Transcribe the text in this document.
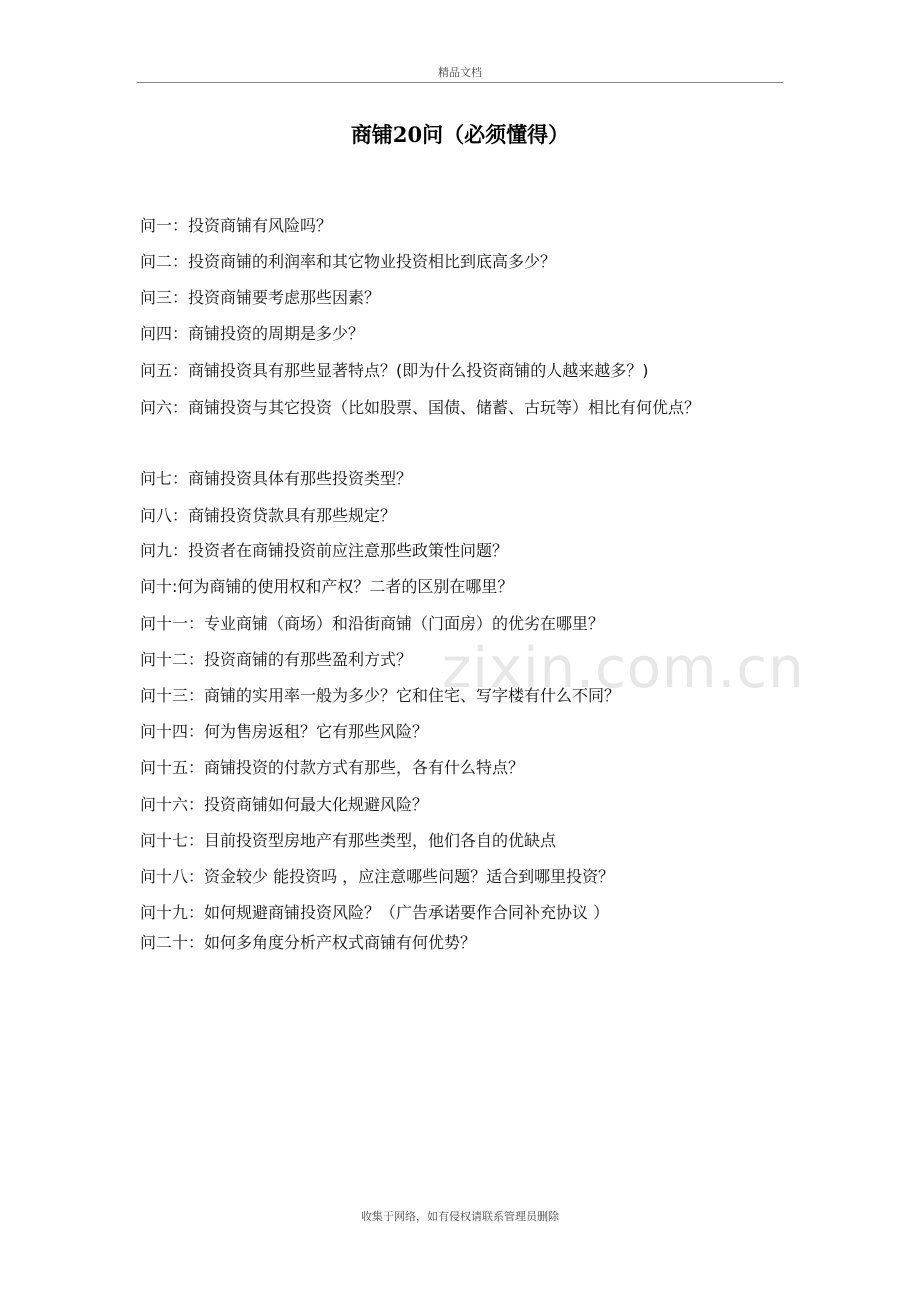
精品文档
商铺20问（必须懂得）
问一：投资商铺有风险吗？
问二：投资商铺的利润率和其它物业投资相比到底高多少？
问三：投资商铺要考虑那些因素？
问四：商铺投资的周期是多少？
问五：商铺投资具有那些显著特点？(即为什么投资商铺的人越来越多？)
问六：商铺投资与其它投资（比如股票、国债、储蓄、古玩等）相比有何优点？
问七：商铺投资具体有那些投资类型？
问八：商铺投资贷款具有那些规定？
问九：投资者在商铺投资前应注意那些政策性问题？
问十:何为商铺的使用权和产权？二者的区别在哪里？
问十一：专业商铺（商场）和沿街商铺（门面房）的优劣在哪里？
问十二：投资商铺的有那些盈利方式？
问十三：商铺的实用率一般为多少？它和住宅、写字楼有什么不同？
问十四：何为售房返租？它有那些风险？
问十五：商铺投资的付款方式有那些，各有什么特点？
问十六：投资商铺如何最大化规避风险？
问十七：目前投资型房地产有那些类型，他们各自的优缺点
问十八：资金较少 能投资吗 ，应注意哪些问题？适合到哪里投资？
问十九：如何规避商铺投资风险？（广告承诺要作合同补充协议 ）
问二十：如何多角度分析产权式商铺有何优势？
zixin.com.cn
收集于网络，如有侵权请联系管理员删除
